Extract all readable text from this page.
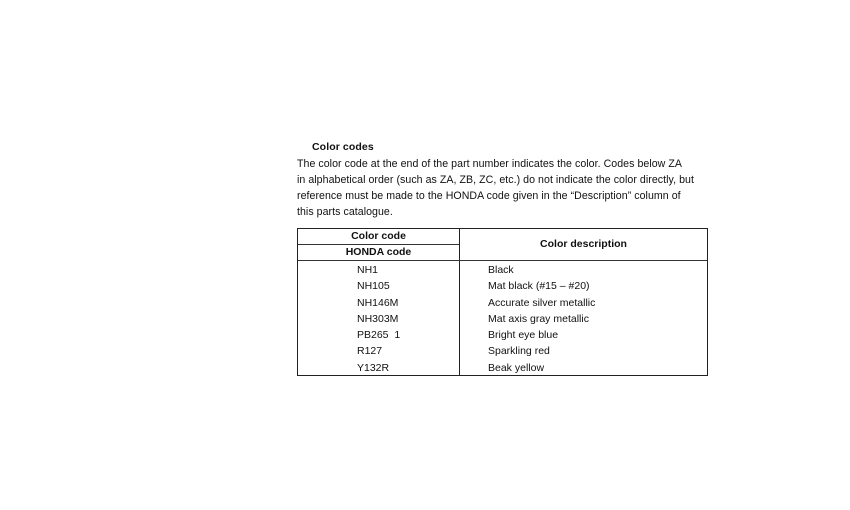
Color codes

The color code at the end of the part number indicates the color. Codes below ZA
in alphabetical order (such as ZA, ZB, ZC, etc.) do not indicate the color directly, but
reference must be made to the HONDA code given in the “Description” column of
this parts catalogue.

Color code
HONDA code
Color description
NH1	Black
NH105	Mat black (#15 – #20)
NH146M	Accurate silver metallic
NH303M	Mat axis gray metallic
PB265  1	Bright eye blue
R127	Sparkling red
Y132R	Beak yellow
